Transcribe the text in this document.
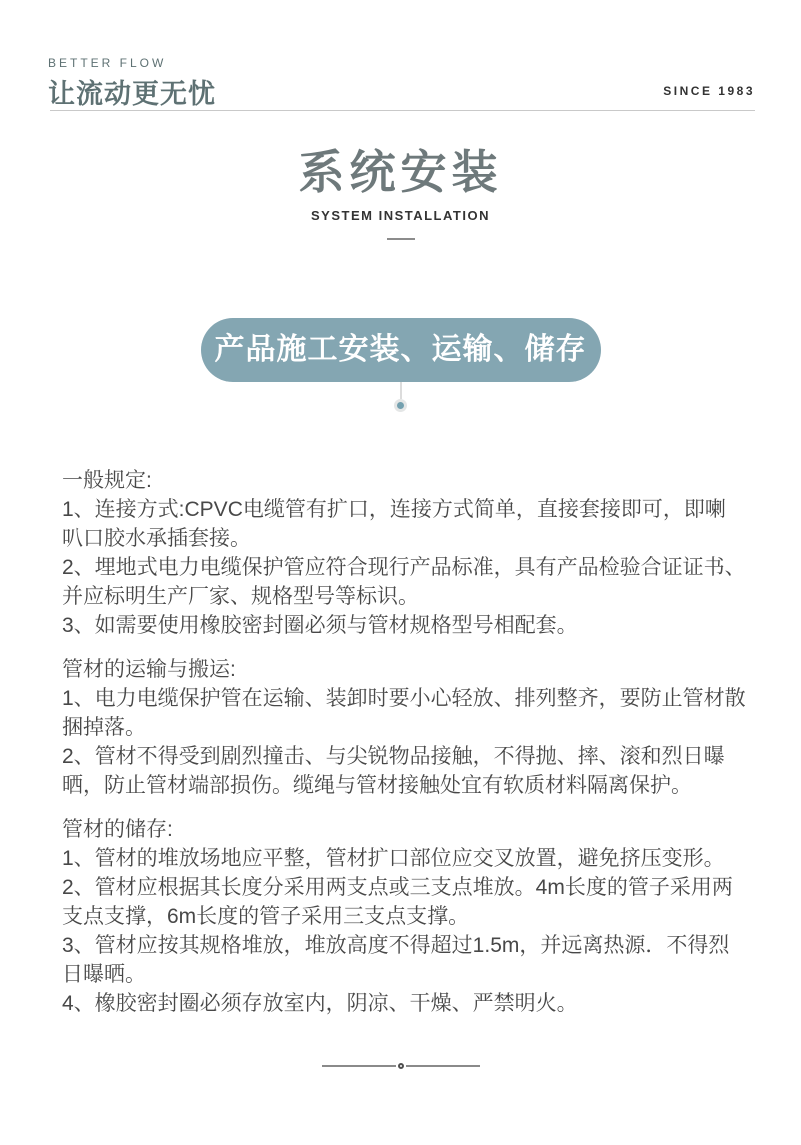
BETTER FLOW
让流动更无忧	SINCE 1983
系统安装
SYSTEM INSTALLATION
产品施工安装、运输、储存
一般规定:

1、连接方式:CPVC电缆管有扩口，连接方式简单，直接套接即可，即喇叭口胶水承插套接。

2、埋地式电力电缆保护管应符合现行产品标准，具有产品检验合证证书、并应标明生产厂家、规格型号等标识。

3、如需要使用橡胶密封圈必须与管材规格型号相配套。

管材的运输与搬运:

1、电力电缆保护管在运输、装卸时要小心轻放、排列整齐，要防止管材散捆掉落。

2、管材不得受到剧烈撞击、与尖锐物品接触，不得抛、摔、滚和烈日曝晒，防止管材端部损伤。缆绳与管材接触处宜有软质材料隔离保护。

管材的储存:

1、管材的堆放场地应平整，管材扩口部位应交叉放置，避免挤压变形。

2、管材应根据其长度分采用两支点或三支点堆放。4m长度的管子采用两支点支撑，6m长度的管子采用三支点支撑。

3、管材应按其规格堆放，堆放高度不得超过1.5m，并远离热源．不得烈日曝晒。

4、橡胶密封圈必须存放室内，阴凉、干燥、严禁明火。
